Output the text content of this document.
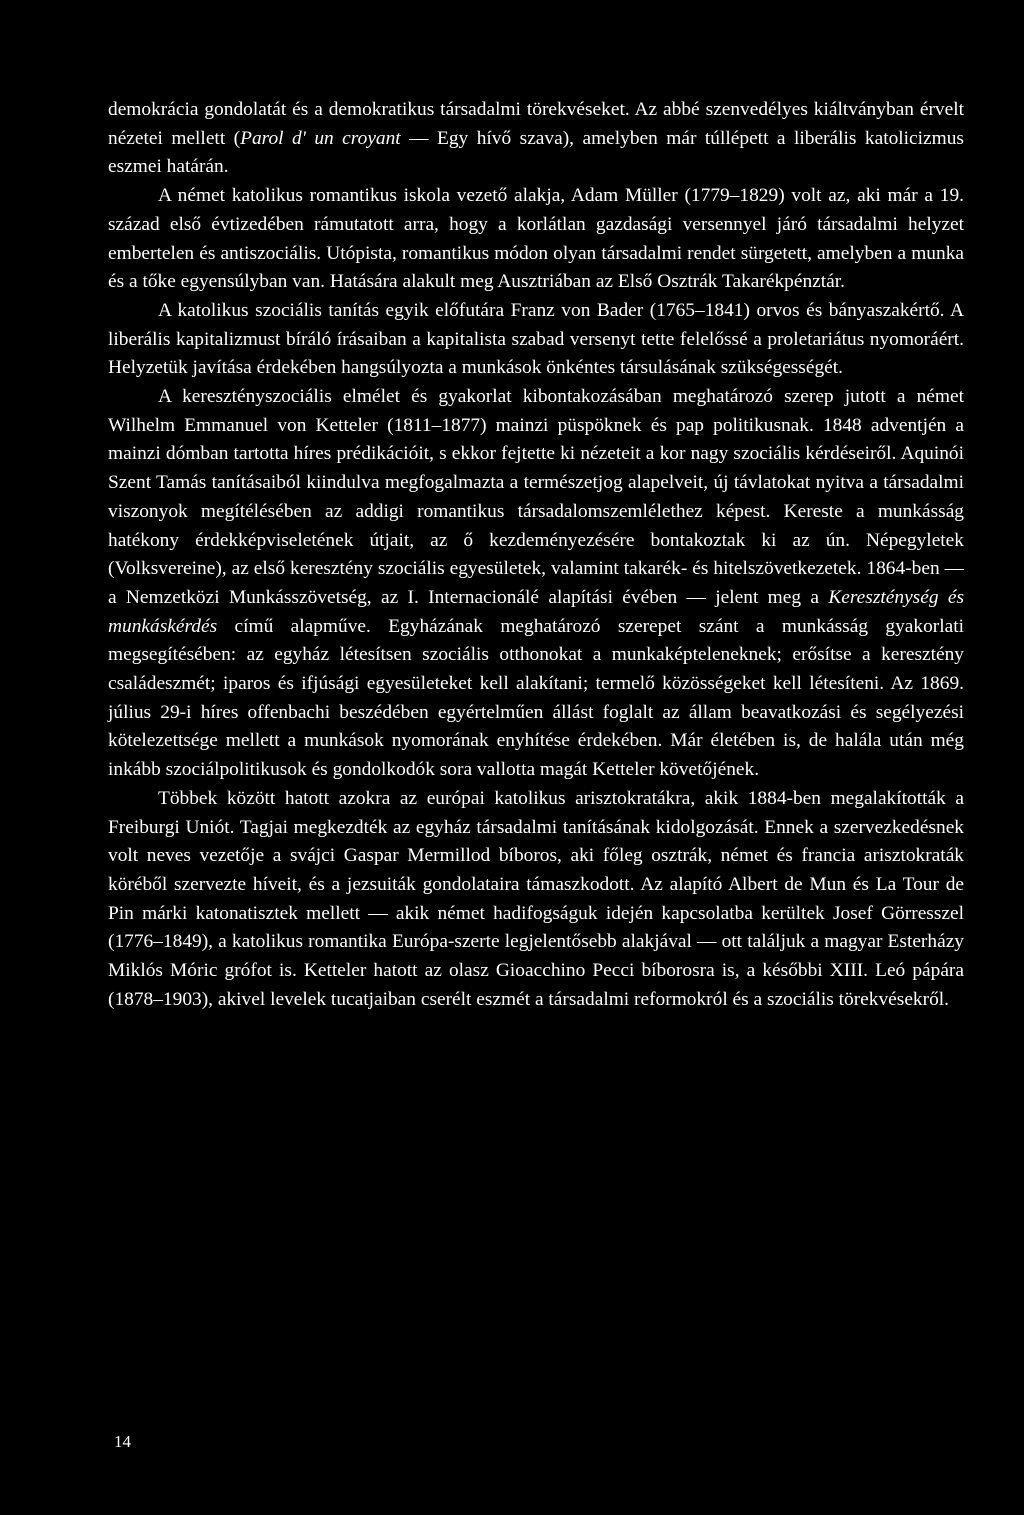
demokrácia gondolatát és a demokratikus társadalmi törekvéseket. Az abbé szenvedélyes kiáltványban érvelt nézetei mellett (Parol d' un croyant — Egy hívő szava), amelyben már túllépett a liberális katolicizmus eszmei határán.

A német katolikus romantikus iskola vezető alakja, Adam Müller (1779–1829) volt az, aki már a 19. század első évtizedében rámutatott arra, hogy a korlátlan gazdasági versennyel járó társadalmi helyzet embertelen és antiszociális. Utópista, romantikus módon olyan társadalmi rendet sürgetett, amelyben a munka és a tőke egyensúlyban van. Hatására alakult meg Ausztriában az Első Osztrák Takarékpénztár.

A katolikus szociális tanítás egyik előfutára Franz von Bader (1765–1841) orvos és bányaszakértő. A liberális kapitalizmust bíráló írásaiban a kapitalista szabad versenyt tette felelőssé a proletariátus nyomoráért. Helyzetük javítása érdekében hangsúlyozta a munkások önkéntes társulásának szükségességét.

A keresztényszociális elmélet és gyakorlat kibontakozásában meghatározó szerep jutott a német Wilhelm Emmanuel von Ketteler (1811–1877) mainzi püspöknek és pap politikusnak. 1848 adventjén a mainzi dómban tartotta híres prédikációit, s ekkor fejtette ki nézeteit a kor nagy szociális kérdéseiről. Aquinói Szent Tamás tanításaiból kiindulva megfogalmazta a természetjog alapelveit, új távlatokat nyitva a társadalmi viszonyok megítélésében az addigi romantikus társadalomszemlélethez képest. Kereste a munkásság hatékony érdekképviseletének útjait, az ő kezdeményezésére bontakoztak ki az ún. Népegyletek (Volksvereine), az első keresztény szociális egyesületek, valamint takarék- és hitelszövetkezetek. 1864-ben — a Nemzetközi Munkásszövetség, az I. Internacionálé alapítási évében — jelent meg a Kereszténység és munkáskérdés című alapműve. Egyházának meghatározó szerepet szánt a munkásság gyakorlati megsegítésében: az egyház létesítsen szociális otthonokat a munkaképteleneknek; erősítse a keresztény családeszmét; iparos és ifjúsági egyesületeket kell alakítani; termelő közösségeket kell létesíteni. Az 1869. július 29-i híres offenbachi beszédében egyértelműen állást foglalt az állam beavatkozási és segélyezési kötelezettsége mellett a munkások nyomorának enyhítése érdekében. Már életében is, de halála után még inkább szociálpolitikusok és gondolkodók sora vallotta magát Ketteler követőjének.

Többek között hatott azokra az európai katolikus arisztokratákra, akik 1884-ben megalakították a Freiburgi Uniót. Tagjai megkezdték az egyház társadalmi tanításának kidolgozását. Ennek a szervezkedésnek volt neves vezetője a svájci Gaspar Mermillod bíboros, aki főleg osztrák, német és francia arisztokraták köréből szervezte híveit, és a jezsuiták gondolataira támaszkodott. Az alapító Albert de Mun és La Tour de Pin márki katonatisztek mellett — akik német hadifogságuk idején kapcsolatba kerültek Josef Görresszel (1776–1849), a katolikus romantika Európa-szerte legjelentősebb alakjával — ott találjuk a magyar Esterházy Miklós Móric grófot is. Ketteler hatott az olasz Gioacchino Pecci bíborosra is, a későbbi XIII. Leó pápára (1878–1903), akivel levelek tucatjaiban cserélt eszmét a társadalmi reformokról és a szociális törekvésekről.

14
